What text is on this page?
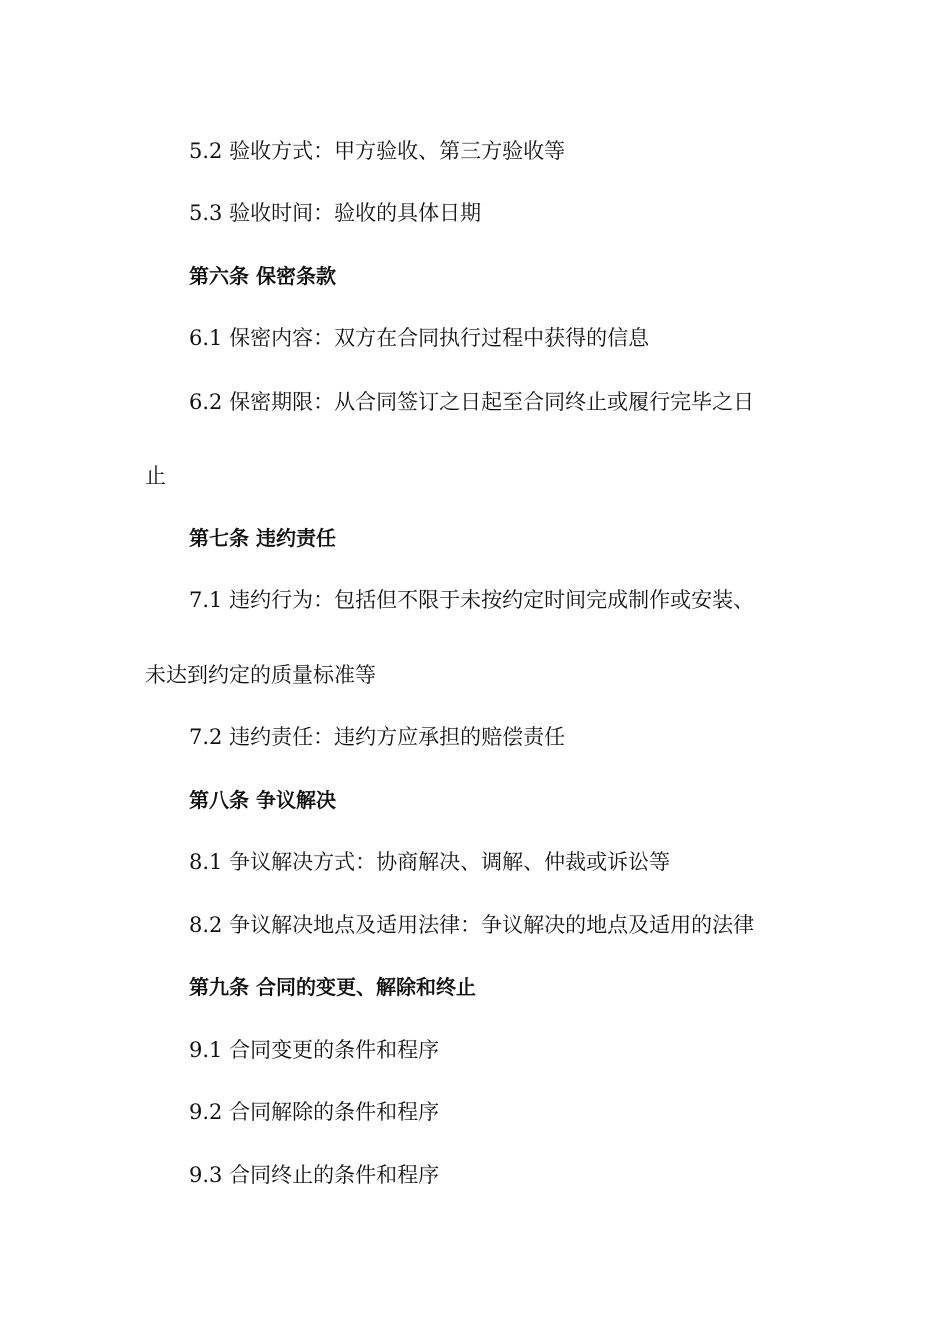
5.2 验收方式：甲方验收、第三方验收等
5.3 验收时间：验收的具体日期
第六条 保密条款
6.1 保密内容：双方在合同执行过程中获得的信息
6.2 保密期限：从合同签订之日起至合同终止或履行完毕之日
止
第七条 违约责任
7.1 违约行为：包括但不限于未按约定时间完成制作或安装、
未达到约定的质量标准等
7.2 违约责任：违约方应承担的赔偿责任
第八条 争议解决
8.1 争议解决方式：协商解决、调解、仲裁或诉讼等
8.2 争议解决地点及适用法律：争议解决的地点及适用的法律
第九条 合同的变更、解除和终止
9.1 合同变更的条件和程序
9.2 合同解除的条件和程序
9.3 合同终止的条件和程序
